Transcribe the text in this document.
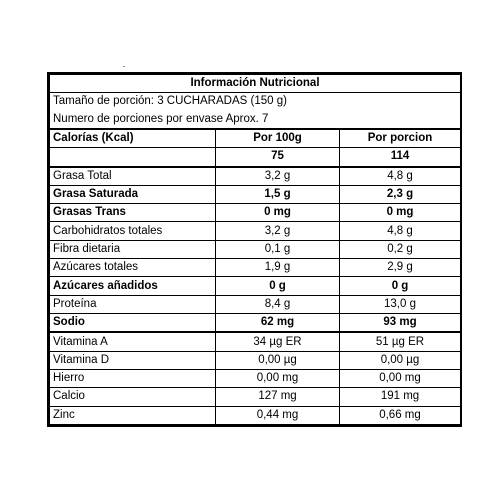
Información Nutricional		
Tamaño de porción: 3 CUCHARADAS (150 g)		
Numero de porciones por envase Aprox. 7		
Calorías (Kcal)	Por 100g	Por porcion
	75	114
Grasa Total	3,2 g	4,8 g
Grasa Saturada	1,5 g	2,3 g
Grasas Trans	0 mg	0 mg
Carbohidratos totales	3,2 g	4,8 g
Fibra dietaria	0,1 g	0,2 g
Azúcares totales	1,9 g	2,9 g
Azúcares añadidos	0 g	0 g
Proteína	8,4 g	13,0 g
Sodio	62 mg	93 mg
Vitamina A	34 µg ER	51 µg ER
Vitamina D	0,00 µg	0,00 µg
Hierro	0,00 mg	0,00 mg
Calcio	127 mg	191 mg
Zinc	0,44 mg	0,66 mg
